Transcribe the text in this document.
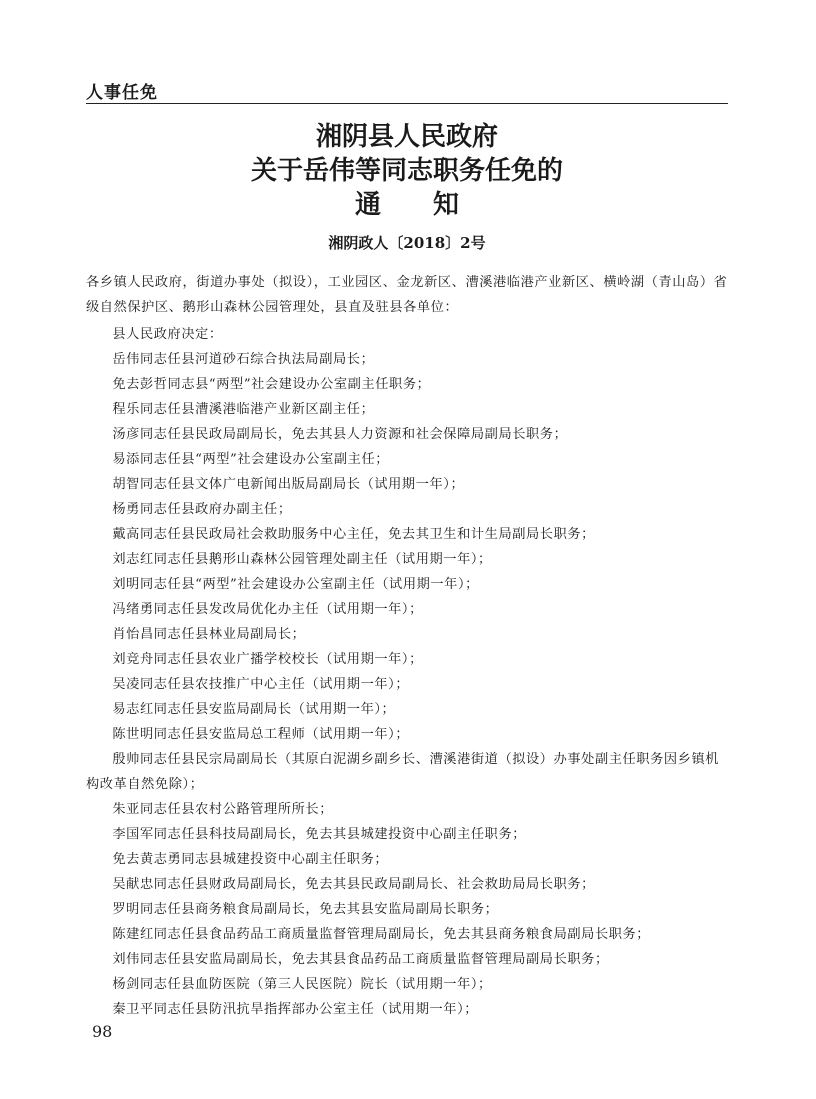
人事任免
湘阴县人民政府
关于岳伟等同志职务任免的
通　　知
湘阴政人〔2018〕2号

各乡镇人民政府，街道办事处（拟设），工业园区、金龙新区、漕溪港临港产业新区、横岭湖（青山岛）省级自然保护区、鹅形山森林公园管理处，县直及驻县各单位：

县人民政府决定：
岳伟同志任县河道砂石综合执法局副局长；
免去彭哲同志县“两型”社会建设办公室副主任职务；
程乐同志任县漕溪港临港产业新区副主任；
汤彦同志任县民政局副局长，免去其县人力资源和社会保障局副局长职务；
易添同志任县“两型”社会建设办公室副主任；
胡智同志任县文体广电新闻出版局副局长（试用期一年）；
杨勇同志任县政府办副主任；
戴高同志任县民政局社会救助服务中心主任，免去其卫生和计生局副局长职务；
刘志红同志任县鹅形山森林公园管理处副主任（试用期一年）；
刘明同志任县“两型”社会建设办公室副主任（试用期一年）；
冯绪勇同志任县发改局优化办主任（试用期一年）；
肖怡昌同志任县林业局副局长；
刘竞舟同志任县农业广播学校校长（试用期一年）；
吴凌同志任县农技推广中心主任（试用期一年）；
易志红同志任县安监局副局长（试用期一年）；
陈世明同志任县安监局总工程师（试用期一年）；
殷帅同志任县民宗局副局长（其原白泥湖乡副乡长、漕溪港街道（拟设）办事处副主任职务因乡镇机构改革自然免除）；
朱亚同志任县农村公路管理所所长；
李国军同志任县科技局副局长，免去其县城建投资中心副主任职务；
免去黄志勇同志县城建投资中心副主任职务；
吴献忠同志任县财政局副局长，免去其县民政局副局长、社会救助局局长职务；
罗明同志任县商务粮食局副局长，免去其县安监局副局长职务；
陈建红同志任县食品药品工商质量监督管理局副局长，免去其县商务粮食局副局长职务；
刘伟同志任县安监局副局长，免去其县食品药品工商质量监督管理局副局长职务；
杨剑同志任县血防医院（第三人民医院）院长（试用期一年）；
秦卫平同志任县防汛抗旱指挥部办公室主任（试用期一年）；
98
